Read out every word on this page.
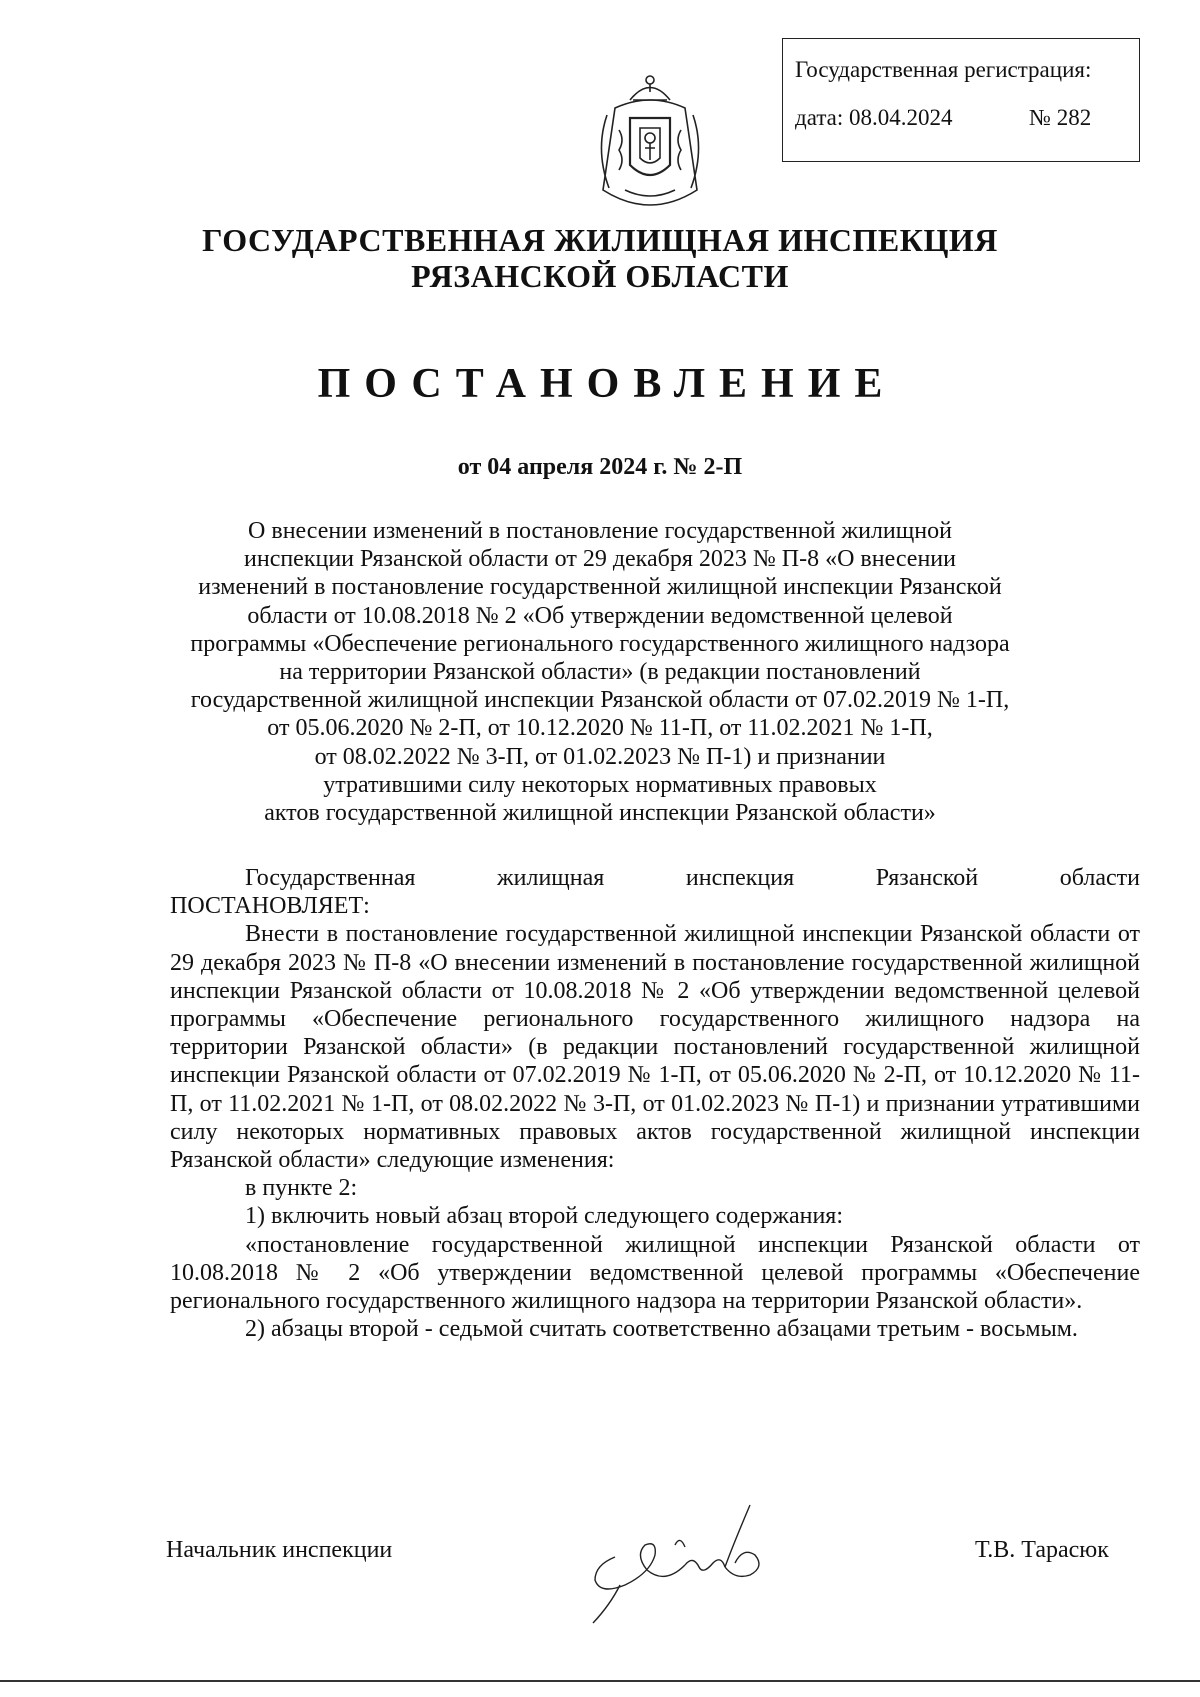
Государственная регистрация:
дата: 08.04.2024	№ 282
ГОСУДАРСТВЕННАЯ ЖИЛИЩНАЯ ИНСПЕКЦИЯ
РЯЗАНСКОЙ ОБЛАСТИ
ПОСТАНОВЛЕНИЕ
от 04 апреля 2024 г. № 2-П
О внесении изменений в постановление государственной жилищной
инспекции Рязанской области от 29 декабря 2023 № П-8 «О внесении
изменений в постановление государственной жилищной инспекции Рязанской
области от 10.08.2018 № 2 «Об утверждении ведомственной целевой
программы «Обеспечение регионального государственного жилищного надзора
на территории Рязанской области» (в редакции постановлений
государственной жилищной инспекции Рязанской области от 07.02.2019 № 1-П,
от 05.06.2020 № 2-П, от 10.12.2020 № 11-П, от 11.02.2021 № 1-П,
от 08.02.2022 № 3-П, от 01.02.2023 № П-1) и признании
утратившими силу некоторых нормативных правовых
актов государственной жилищной инспекции Рязанской области»

Государственная жилищная инспекция Рязанской области

ПОСТАНОВЛЯЕТ:

Внести в постановление государственной жилищной инспекции Рязанской области от 29 декабря 2023 № П-8 «О внесении изменений в постановление государственной жилищной инспекции Рязанской области от 10.08.2018 № 2 «Об утверждении ведомственной целевой программы «Обеспечение регионального государственного жилищного надзора на территории Рязанской области» (в редакции постановлений государственной жилищной инспекции Рязанской области от 07.02.2019 № 1-П, от 05.06.2020 № 2-П, от 10.12.2020 № 11-П, от 11.02.2021 № 1-П, от 08.02.2022 № 3-П, от 01.02.2023 № П-1) и признании утратившими силу некоторых нормативных правовых актов государственной жилищной инспекции Рязанской области» следующие изменения:

в пункте 2:

1) включить новый абзац второй следующего содержания:

«постановление государственной жилищной инспекции Рязанской области от 10.08.2018 № 2 «Об утверждении ведомственной целевой программы «Обеспечение регионального государственного жилищного надзора на территории Рязанской области».

2) абзацы второй - седьмой считать соответственно абзацами третьим - восьмым.

Начальник инспекции	Т.В. Тарасюк
